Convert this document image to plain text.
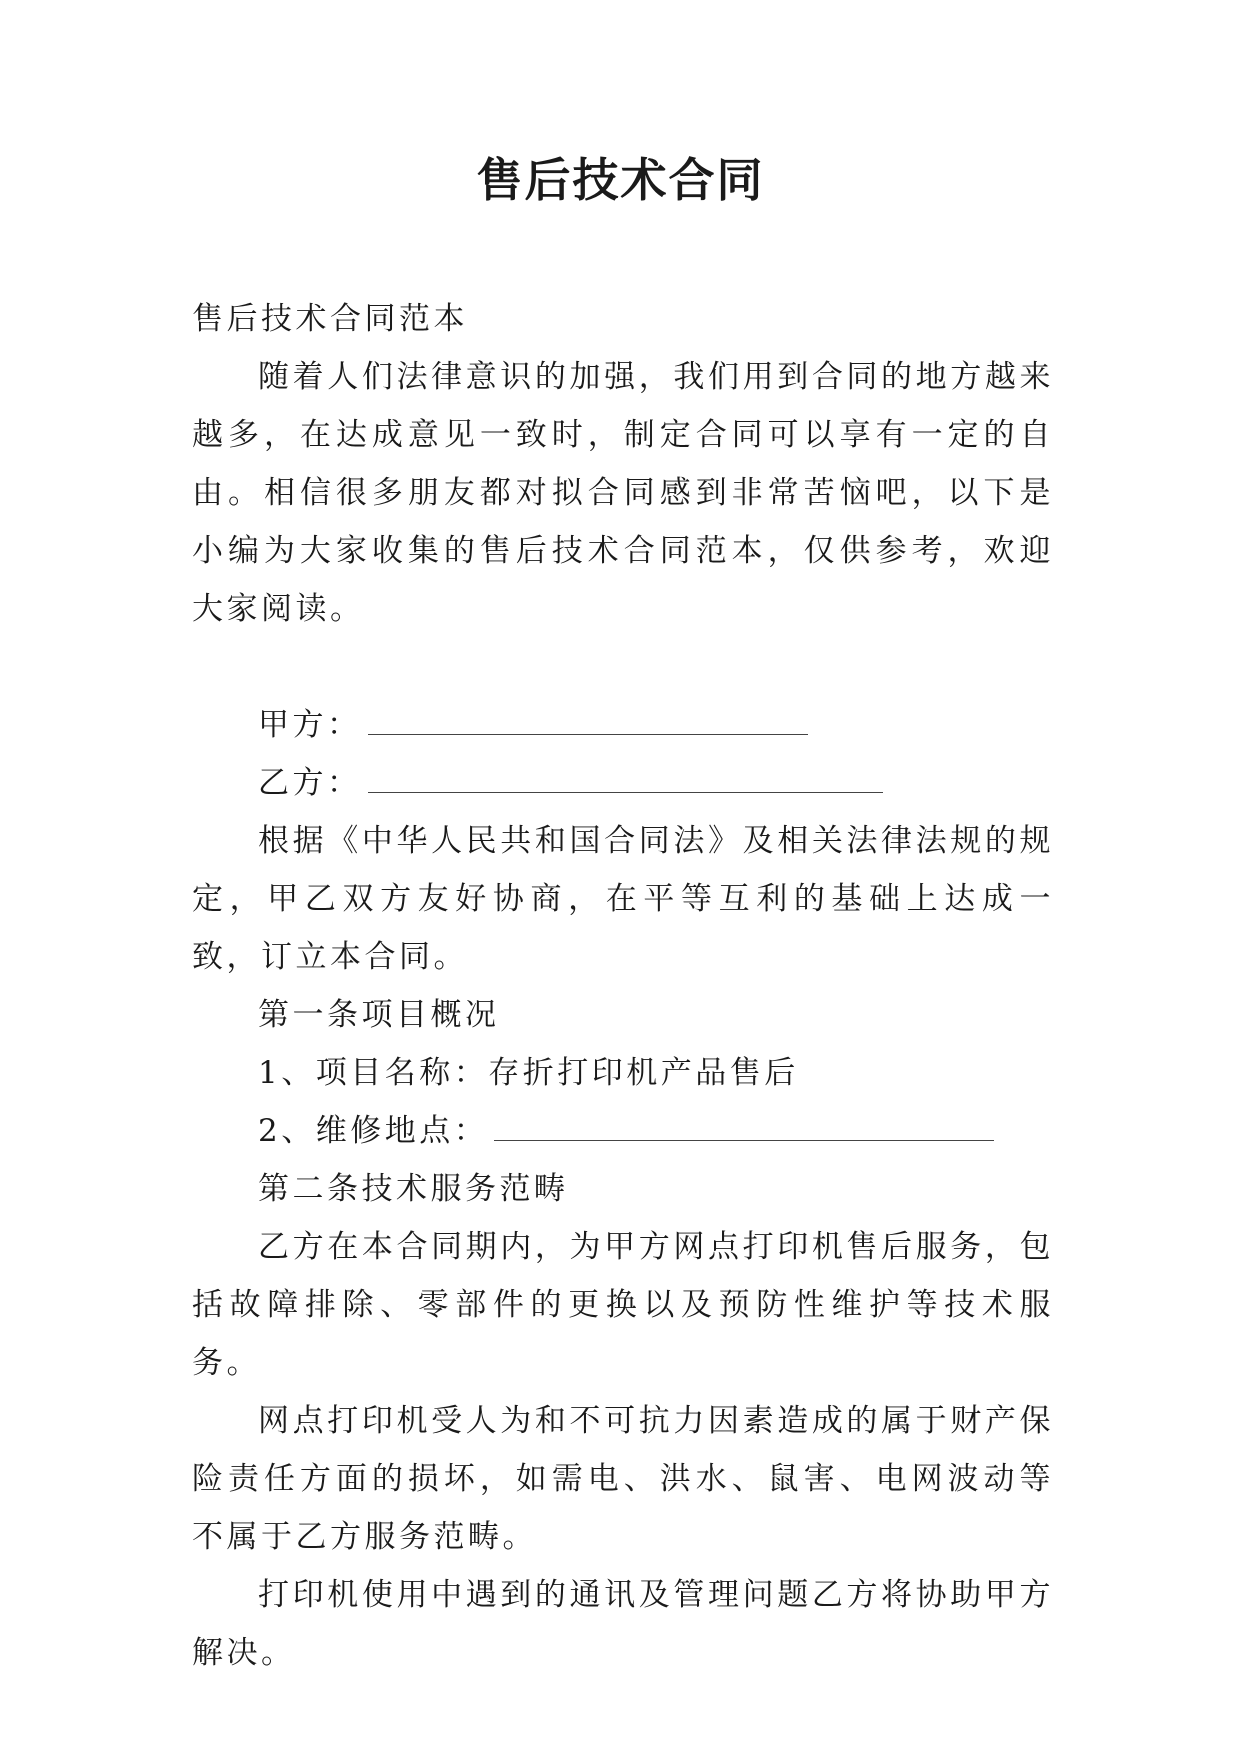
售后技术合同

售后技术合同范本

随着人们法律意识的加强，我们用到合同的地方越来越多，在达成意见一致时，制定合同可以享有一定的自由。相信很多朋友都对拟合同感到非常苦恼吧，以下是小编为大家收集的售后技术合同范本，仅供参考，欢迎大家阅读。

甲方：

乙方：

根据《中华人民共和国合同法》及相关法律法规的规定，甲乙双方友好协商，在平等互利的基础上达成一致，订立本合同。

第一条项目概况

1、项目名称：存折打印机产品售后

2、维修地点：

第二条技术服务范畴

乙方在本合同期内，为甲方网点打印机售后服务，包括故障排除、零部件的更换以及预防性维护等技术服务。

网点打印机受人为和不可抗力因素造成的属于财产保险责任方面的损坏，如需电、洪水、鼠害、电网波动等不属于乙方服务范畴。

打印机使用中遇到的通讯及管理问题乙方将协助甲方解决。
